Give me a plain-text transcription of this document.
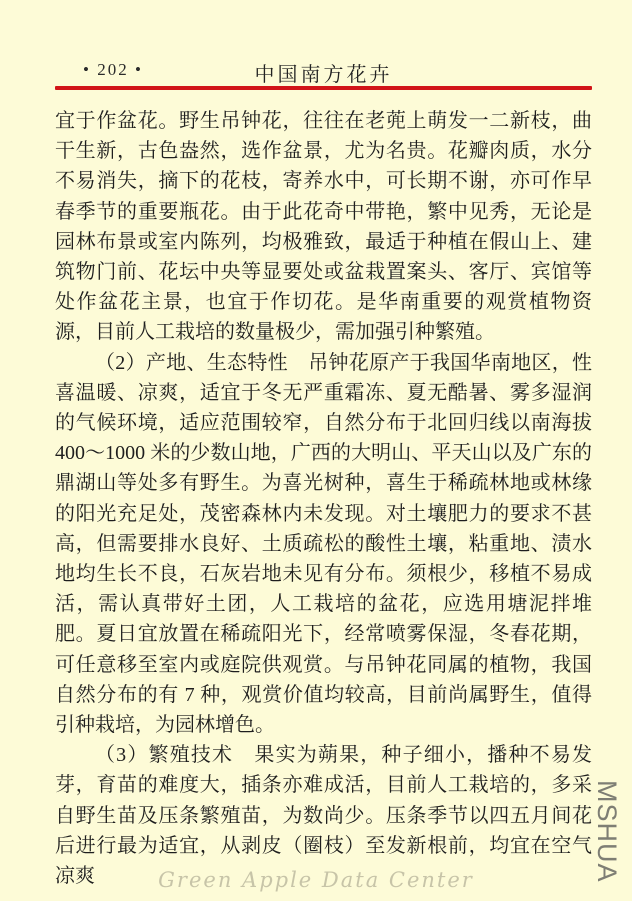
• 202 •	中国南方花卉

宜于作盆花。野生吊钟花，往往在老蔸上萌发一二新枝，曲干生新，古色盎然，选作盆景，尤为名贵。花瓣肉质，水分不易消失，摘下的花枝，寄养水中，可长期不谢，亦可作早春季节的重要瓶花。由于此花奇中带艳，繁中见秀，无论是园林布景或室内陈列，均极雅致，最适于种植在假山上、建筑物门前、花坛中央等显要处或盆栽置案头、客厅、宾馆等处作盆花主景，也宜于作切花。是华南重要的观赏植物资源，目前人工栽培的数量极少，需加强引种繁殖。

（2）产地、生态特性　吊钟花原产于我国华南地区，性喜温暖、凉爽，适宜于冬无严重霜冻、夏无酷暑、雾多湿润的气候环境，适应范围较窄，自然分布于北回归线以南海拔400～1000 米的少数山地，广西的大明山、平天山以及广东的鼎湖山等处多有野生。为喜光树种，喜生于稀疏林地或林缘的阳光充足处，茂密森林内未发现。对土壤肥力的要求不甚高，但需要排水良好、土质疏松的酸性土壤，粘重地、渍水地均生长不良，石灰岩地未见有分布。须根少，移植不易成活，需认真带好土团，人工栽培的盆花，应选用塘泥拌堆肥。夏日宜放置在稀疏阳光下，经常喷雾保湿，冬春花期，可任意移至室内或庭院供观赏。与吊钟花同属的植物，我国自然分布的有 7 种，观赏价值均较高，目前尚属野生，值得引种栽培，为园林增色。

（3）繁殖技术　果实为蒴果，种子细小，播种不易发芽，育苗的难度大，插条亦难成活，目前人工栽培的，多采自野生苗及压条繁殖苗，为数尚少。压条季节以四五月间花后进行最为适宜，从剥皮（圈枝）至发新根前，均宜在空气凉爽	Green Apple Data Center	MSHUA
